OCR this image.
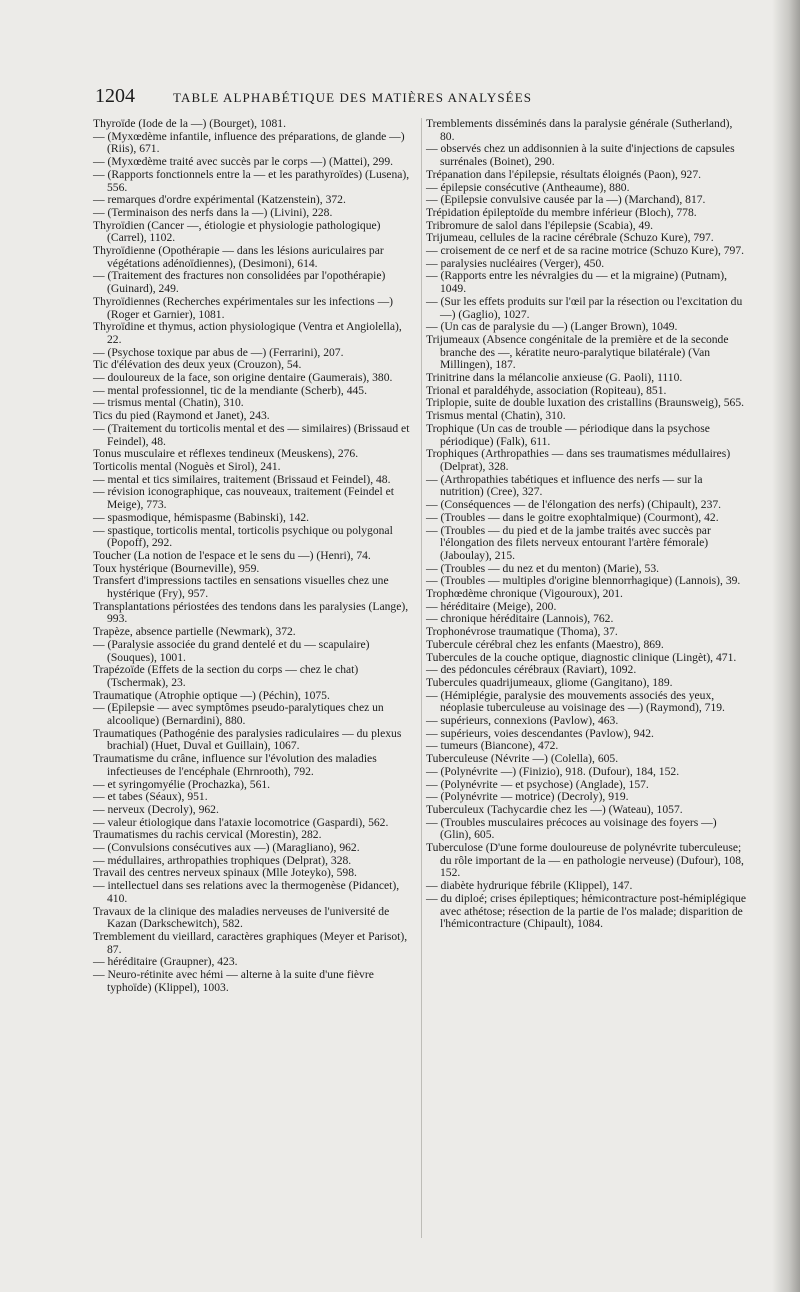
1204	TABLE ALPHABÉTIQUE DES MATIÈRES ANALYSÉES

Thyroïde (Iode de la —) (Bourget), 1081.

— (Myxœdème infantile, influence des préparations, de glande —) (Riis), 671.

— (Myxœdème traité avec succès par le corps —) (Mattei), 299.

— (Rapports fonctionnels entre la — et les parathyroïdes) (Lusena), 556.

— remarques d'ordre expérimental (Katzenstein), 372.

— (Terminaison des nerfs dans la —) (Livini), 228.

Thyroïdien (Cancer —, étiologie et physiologie pathologique) (Carrel), 1102.

Thyroïdienne (Opothérapie — dans les lésions auriculaires par végétations adénoïdiennes), (Desimoni), 614.

— (Traitement des fractures non consolidées par l'opothérapie) (Guinard), 249.

Thyroïdiennes (Recherches expérimentales sur les infections —) (Roger et Garnier), 1081.

Thyroïdine et thymus, action physiologique (Ventra et Angiolella), 22.

— (Psychose toxique par abus de —) (Ferrarini), 207.

Tic d'élévation des deux yeux (Crouzon), 54.

— douloureux de la face, son origine dentaire (Gaumerais), 380.

— mental professionnel, tic de la mendiante (Scherb), 445.

— trismus mental (Chatin), 310.

Tics du pied (Raymond et Janet), 243.

— (Traitement du torticolis mental et des — similaires) (Brissaud et Feindel), 48.

Tonus musculaire et réflexes tendineux (Meuskens), 276.

Torticolis mental (Noguès et Sirol), 241.

— mental et tics similaires, traitement (Brissaud et Feindel), 48.

— révision iconographique, cas nouveaux, traitement (Feindel et Meige), 773.

— spasmodique, hémispasme (Babinski), 142.

— spastique, torticolis mental, torticolis psychique ou polygonal (Popoff), 292.

Toucher (La notion de l'espace et le sens du —) (Henri), 74.

Toux hystérique (Bourneville), 959.

Transfert d'impressions tactiles en sensations visuelles chez une hystérique (Fry), 957.

Transplantations périostées des tendons dans les paralysies (Lange), 993.

Trapèze, absence partielle (Newmark), 372.

— (Paralysie associée du grand dentelé et du — scapulaire) (Souques), 1001.

Trapézoïde (Effets de la section du corps — chez le chat) (Tschermak), 23.

Traumatique (Atrophie optique —) (Péchin), 1075.

— (Epilepsie — avec symptômes pseudo-paralytiques chez un alcoolique) (Bernardini), 880.

Traumatiques (Pathogénie des paralysies radiculaires — du plexus brachial) (Huet, Duval et Guillain), 1067.

Traumatisme du crâne, influence sur l'évolution des maladies infectieuses de l'encéphale (Ehrnrooth), 792.

— et syringomyélie (Prochazka), 561.

— et tabes (Séaux), 951.

— nerveux (Decroly), 962.

— valeur étiologique dans l'ataxie locomotrice (Gaspardi), 562.

Traumatismes du rachis cervical (Morestin), 282.

— (Convulsions consécutives aux —) (Maragliano), 962.

— médullaires, arthropathies trophiques (Delprat), 328.

Travail des centres nerveux spinaux (Mlle Joteyko), 598.

— intellectuel dans ses relations avec la thermogenèse (Pidancet), 410.

Travaux de la clinique des maladies nerveuses de l'université de Kazan (Darkschewitch), 582.

Tremblement du vieillard, caractères graphiques (Meyer et Parisot), 87.

— héréditaire (Graupner), 423.

— Neuro-rétinite avec hémi — alterne à la suite d'une fièvre typhoïde) (Klippel), 1003.

Tremblements disséminés dans la paralysie générale (Sutherland), 80.

— observés chez un addisonnien à la suite d'injections de capsules surrénales (Boinet), 290.

Trépanation dans l'épilepsie, résultats éloignés (Paon), 927.

— épilepsie consécutive (Antheaume), 880.

— (Epilepsie convulsive causée par la —) (Marchand), 817.

Trépidation épileptoïde du membre inférieur (Bloch), 778.

Tribromure de salol dans l'épilepsie (Scabia), 49.

Trijumeau, cellules de la racine cérébrale (Schuzo Kure), 797.

— croisement de ce nerf et de sa racine motrice (Schuzo Kure), 797.

— paralysies nucléaires (Verger), 450.

— (Rapports entre les névralgies du — et la migraine) (Putnam), 1049.

— (Sur les effets produits sur l'œil par la résection ou l'excitation du —) (Gaglio), 1027.

— (Un cas de paralysie du —) (Langer Brown), 1049.

Trijumeaux (Absence congénitale de la première et de la seconde branche des —, kératite neuro-paralytique bilatérale) (Van Millingen), 187.

Trinitrine dans la mélancolie anxieuse (G. Paoli), 1110.

Trional et paraldéhyde, association (Ropiteau), 851.

Triplopie, suite de double luxation des cristallins (Braunsweig), 565.

Trismus mental (Chatin), 310.

Trophique (Un cas de trouble — périodique dans la psychose périodique) (Falk), 611.

Trophiques (Arthropathies — dans ses traumatismes médullaires) (Delprat), 328.

— (Arthropathies tabétiques et influence des nerfs — sur la nutrition) (Cree), 327.

— (Conséquences — de l'élongation des nerfs) (Chipault), 237.

— (Troubles — dans le goitre exophtalmique) (Courmont), 42.

— (Troubles — du pied et de la jambe traités avec succès par l'élongation des filets nerveux entourant l'artère fémorale) (Jaboulay), 215.

— (Troubles — du nez et du menton) (Marie), 53.

— (Troubles — multiples d'origine blennorrhagique) (Lannois), 39.

Trophœdème chronique (Vigouroux), 201.

— héréditaire (Meige), 200.

— chronique héréditaire (Lannois), 762.

Trophonévrose traumatique (Thoma), 37.

Tubercule cérébral chez les enfants (Maestro), 869.

Tubercules de la couche optique, diagnostic clinique (Lingèt), 471.

— des pédoncules cérébraux (Raviart), 1092.

Tubercules quadrijumeaux, gliome (Gangitano), 189.

— (Hémiplégie, paralysie des mouvements associés des yeux, néoplasie tuberculeuse au voisinage des —) (Raymond), 719.

— supérieurs, connexions (Pavlow), 463.

— supérieurs, voies descendantes (Pavlow), 942.

— tumeurs (Biancone), 472.

Tuberculeuse (Névrite —) (Colella), 605.

— (Polynévrite —) (Finizio), 918. (Dufour), 184, 152.

— (Polynévrite — et psychose) (Anglade), 157.

— (Polynévrite — motrice) (Decroly), 919.

Tuberculeux (Tachycardie chez les —) (Wateau), 1057.

— (Troubles musculaires précoces au voisinage des foyers —) (Glin), 605.

Tuberculose (D'une forme douloureuse de polynévrite tuberculeuse; du rôle important de la — en pathologie nerveuse) (Dufour), 108, 152.

— diabète hydrurique fébrile (Klippel), 147.

— du diploé; crises épileptiques; hémicontracture post-hémiplégique avec athétose; résection de la partie de l'os malade; disparition de l'hémicontracture (Chipault), 1084.
